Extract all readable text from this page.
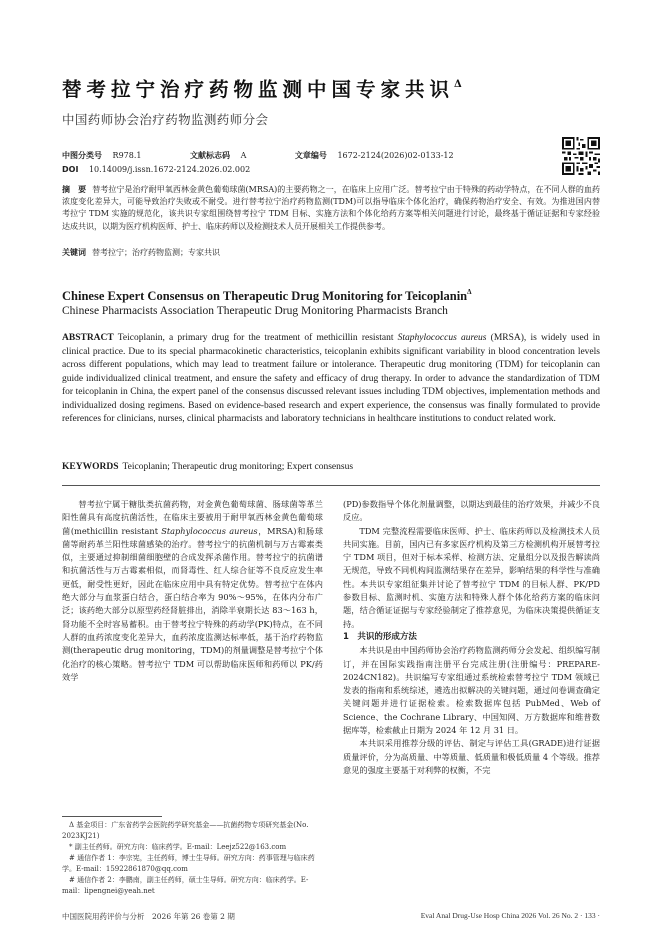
替考拉宁治疗药物监测中国专家共识$^\Delta$
中国药师协会治疗药物监测药师分会
中图分类号 R978.1	文献标志码 A	文章编号 1672-2124(2026)02-0133-12
DOI 10.14009/j.issn.1672-2124.2026.02.002
摘　要 替考拉宁是治疗耐甲氧西林金黄色葡萄球菌(MRSA)的主要药物之一，在临床上应用广泛。替考拉宁由于特殊的药动学特点，在不同人群的血药浓度变化差异大，可能导致治疗失败或不耐受。进行替考拉宁治疗药物监测(TDM)可以指导临床个体化治疗，确保药物治疗安全、有效。为推进国内替考拉宁 TDM 实施的规范化，该共识专家组围绕替考拉宁 TDM 目标、实施方法和个体化给药方案等相关问题进行讨论，最终基于循证证据和专家经验达成共识，以期为医疗机构医师、护士、临床药师以及检测技术人员开展相关工作提供参考。
关键词 替考拉宁；治疗药物监测；专家共识
Chinese Expert Consensus on Therapeutic Drug Monitoring for Teicoplanin$^\Delta$
Chinese Pharmacists Association Therapeutic Drug Monitoring Pharmacists Branch
ABSTRACT Teicoplanin, a primary drug for the treatment of methicillin resistant Staphylococcus aureus (MRSA), is widely used in clinical practice. Due to its special pharmacokinetic characteristics, teicoplanin exhibits significant variability in blood concentration levels across different populations, which may lead to treatment failure or intolerance. Therapeutic drug monitoring (TDM) for teicoplanin can guide individualized clinical treatment, and ensure the safety and efficacy of drug therapy. In order to advance the standardization of TDM for teicoplanin in China, the expert panel of the consensus discussed relevant issues including TDM objectives, implementation methods and individualized dosing regimens. Based on evidence-based research and expert experience, the consensus was finally formulated to provide references for clinicians, nurses, clinical pharmacists and laboratory technicians in healthcare institutions to conduct related work.
KEYWORDS Teicoplanin; Therapeutic drug monitoring; Expert consensus

替考拉宁属于糖肽类抗菌药物，对金黄色葡萄球菌、肠球菌等革兰阳性菌具有高度抗菌活性，在临床主要被用于耐甲氧西林金黄色葡萄球菌(methicillin resistant Staphylococcus aureus，MRSA)和肠球菌等耐药革兰阳性球菌感染的治疗。替考拉宁的抗菌机制与万古霉素类似，主要通过抑制细菌细胞壁的合成发挥杀菌作用。替考拉宁的抗菌谱和抗菌活性与万古霉素相似，而肾毒性、红人综合征等不良反应发生率更低，耐受性更好，因此在临床应用中具有特定优势。替考拉宁在体内绝大部分与血浆蛋白结合，蛋白结合率为 90%～95%，在体内分布广泛；该药绝大部分以原型药经肾脏排出，消除半衰期长达 83～163 h，肾功能不全时容易蓄积。由于替考拉宁特殊的药动学(PK)特点，在不同人群的血药浓度变化差异大，血药浓度监测达标率低，基于治疗药物监测(therapeutic drug monitoring，TDM)的剂量调整是替考拉宁个体化治疗的核心策略。替考拉宁 TDM 可以帮助临床医师和药师以 PK/药效学

(PD)参数指导个体化剂量调整，以期达到最佳的治疗效果，并减少不良反应。

TDM 完整流程需要临床医师、护士、临床药师以及检测技术人员共同实施。目前，国内已有多家医疗机构及第三方检测机构开展替考拉宁 TDM 项目，但对于标本采样、检测方法、定量组分以及报告解读尚无规范，导致不同机构间监测结果存在差异，影响结果的科学性与准确性。本共识专家组征集并讨论了替考拉宁 TDM 的目标人群、PK/PD 参数目标、监测时机、实施方法和特殊人群个体化给药方案的临床问题，结合循证证据与专家经验制定了推荐意见，为临床决策提供循证支持。

1　共识的形成方法

本共识是由中国药师协会治疗药物监测药师分会发起、组织编写制订，并在国际实践指南注册平台完成注册(注册编号：PREPARE-2024CN182)。共识编写专家组通过系统检索替考拉宁 TDM 领域已发表的指南和系统综述，遴选出拟解决的关键问题，通过问卷调查确定关键问题并进行证据检索。检索数据库包括 PubMed、Web of Science、the Cochrane Library、中国知网、万方数据库和维普数据库等，检索截止日期为 2024 年 12 月 31 日。

本共识采用推荐分级的评估、制定与评估工具(GRADE)进行证据质量评价，分为高质量、中等质量、低质量和极低质量 4 个等级。推荐意见的强度主要基于对利弊的权衡，不完

Δ 基金项目：广东省药学会医院药学研究基金——抗菌药物专项研究基金(No. 2023KJ21)

* 副主任药师。研究方向：临床药学。E-mail：Leejz522@163.com

# 通信作者 1：李宗宪，主任药师，博士生导师。研究方向：药事管理与临床药学。E-mail：15922861870@qq.com

# 通信作者 2：李鹏南，副主任药师，硕士生导师。研究方向：临床药学。E-mail：lipengnei@yeah.net

中国医院用药评价与分析　2026 年第 26 卷第 2 期	Eval Anal Drug-Use Hosp China 2026 Vol. 26 No. 2 · 133 ·
